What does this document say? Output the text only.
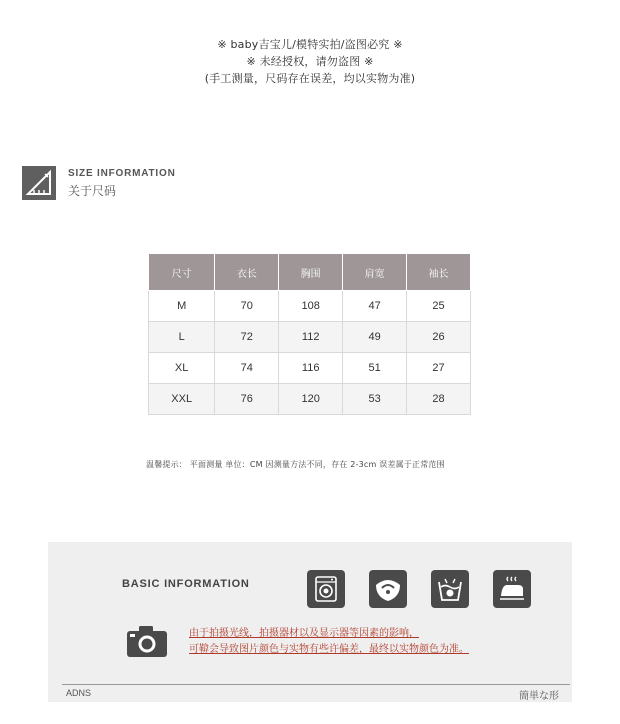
※ baby吉宝儿/模特实拍/盗图必究 ※
※ 未经授权，请勿盗图 ※
(手工测量，尺码存在误差，均以实物为准)
SIZE INFORMATION
关于尺码
尺寸	衣长	胸围	肩宽	袖长
M	70	108	47	25
L	72	112	49	26
XL	74	116	51	27
XXL	76	120	53	28
温馨提示： 平面测量 单位：CM 因测量方法不同，存在 2-3cm 误差属于正常范围
BASIC INFORMATION
由于拍摄光线，拍摄器材以及显示器等因素的影响，
可鞥会导致图片颜色与实物有些许偏差，最终以实物颜色为准。
ADNS	簡単な形
